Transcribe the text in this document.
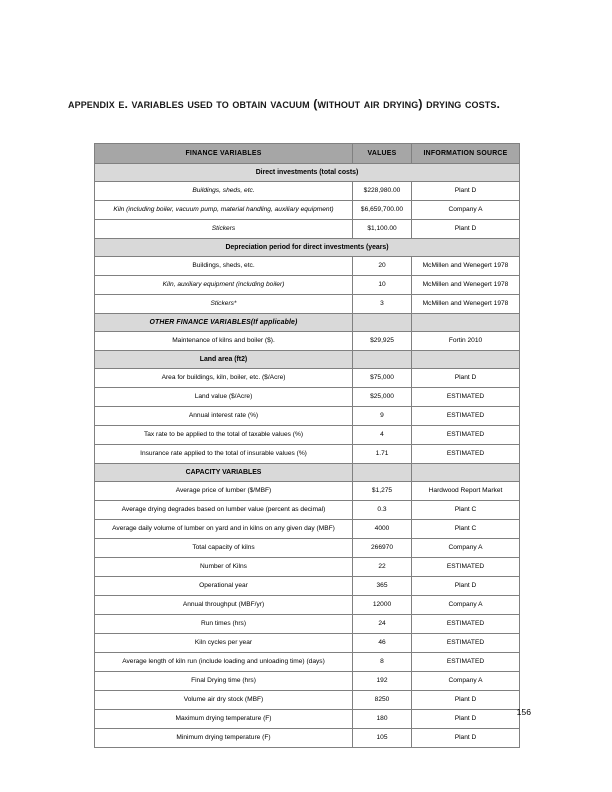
appendix e. variables used to obtain vacuum (without air drying) drying costs.
FINANCE VARIABLES	VALUES	INFORMATION SOURCE
Direct investments (total costs)		
Buildings, sheds, etc.	$228,980.00	Plant D
Kiln (including boiler, vacuum pump, material handling, auxiliary equipment)	$6,659,700.00	Company A
Stickers	$1,100.00	Plant D
Depreciation period for direct investments (years)		
Buildings, sheds, etc.	20	McMillen and Wenegert 1978
Kiln, auxiliary equipment (including boiler)	10	McMillen and Wenegert 1978
Stickers*	3	McMillen and Wenegert 1978
OTHER FINANCE VARIABLES(If applicable)		
Maintenance of kilns and boiler ($).	$29,925	Fortin 2010
Land area (ft2)		
Area for buildings, kiln, boiler, etc. ($/Acre)	$75,000	Plant D
Land value ($/Acre)	$25,000	ESTIMATED
Annual interest rate (%)	9	ESTIMATED
Tax rate to be applied to the total of taxable values (%)	4	ESTIMATED
Insurance rate applied to the total of insurable values (%)	1.71	ESTIMATED
CAPACITY VARIABLES		
Average price of lumber ($/MBF)	$1,275	Hardwood Report Market
Average drying degrades based on lumber value (percent as decimal)	0.3	Plant C
Average daily volume of lumber on yard and in kilns on any given day (MBF)	4000	Plant C
Total capacity of kilns	266970	Company A
Number of Kilns	22	ESTIMATED
Operational year	365	Plant D
Annual throughput (MBF/yr)	12000	Company A
Run times (hrs)	24	ESTIMATED
Kiln cycles per year	46	ESTIMATED
Average length of kiln run (include loading and unloading time) (days)	8	ESTIMATED
Final Drying time (hrs)	192	Company A
Volume air dry stock (MBF)	8250	Plant D
Maximum drying temperature (F)	180	Plant D
Minimum drying temperature (F)	105	Plant D
156
